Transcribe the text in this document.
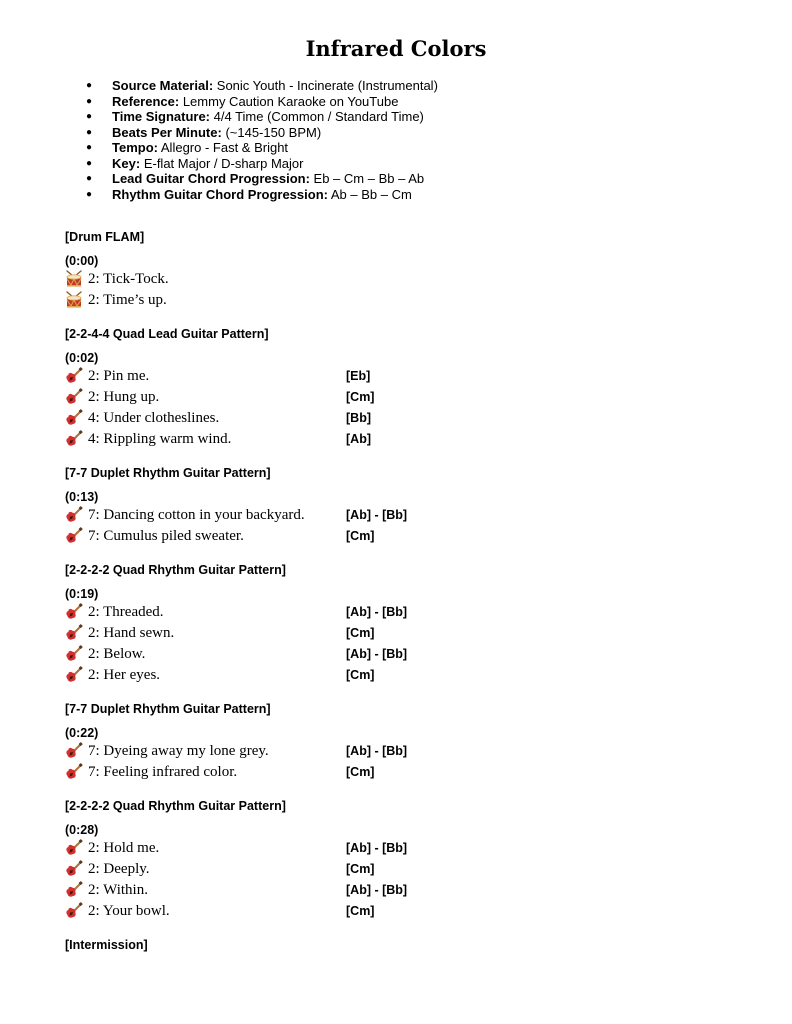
Infrared Colors
● Source Material: Sonic Youth - Incinerate (Instrumental)
● Reference: Lemmy Caution Karaoke on YouTube
● Time Signature: 4/4 Time (Common / Standard Time)
● Beats Per Minute: (~145-150 BPM)
● Tempo: Allegro - Fast & Bright
● Key: E-flat Major / D-sharp Major
● Lead Guitar Chord Progression: Eb – Cm – Bb – Ab
● Rhythm Guitar Chord Progression: Ab – Bb – Cm
[Drum FLAM]
(0:00)
2: Tick-Tock.
2: Time’s up.
[2-2-4-4 Quad Lead Guitar Pattern]
(0:02)
2: Pin me.	[Eb]
2: Hung up.	[Cm]
4: Under clotheslines.	[Bb]
4: Rippling warm wind.	[Ab]
[7-7 Duplet Rhythm Guitar Pattern]
(0:13)
7: Dancing cotton in your backyard.	[Ab] - [Bb]
7: Cumulus piled sweater.	[Cm]
[2-2-2-2 Quad Rhythm Guitar Pattern]
(0:19)
2: Threaded.	[Ab] - [Bb]
2: Hand sewn.	[Cm]
2: Below.	[Ab] - [Bb]
2: Her eyes.	[Cm]
[7-7 Duplet Rhythm Guitar Pattern]
(0:22)
7: Dyeing away my lone grey.	[Ab] - [Bb]
7: Feeling infrared color.	[Cm]
[2-2-2-2 Quad Rhythm Guitar Pattern]
(0:28)
2: Hold me.	[Ab] - [Bb]
2: Deeply.	[Cm]
2: Within.	[Ab] - [Bb]
2: Your bowl.	[Cm]
[Intermission]
